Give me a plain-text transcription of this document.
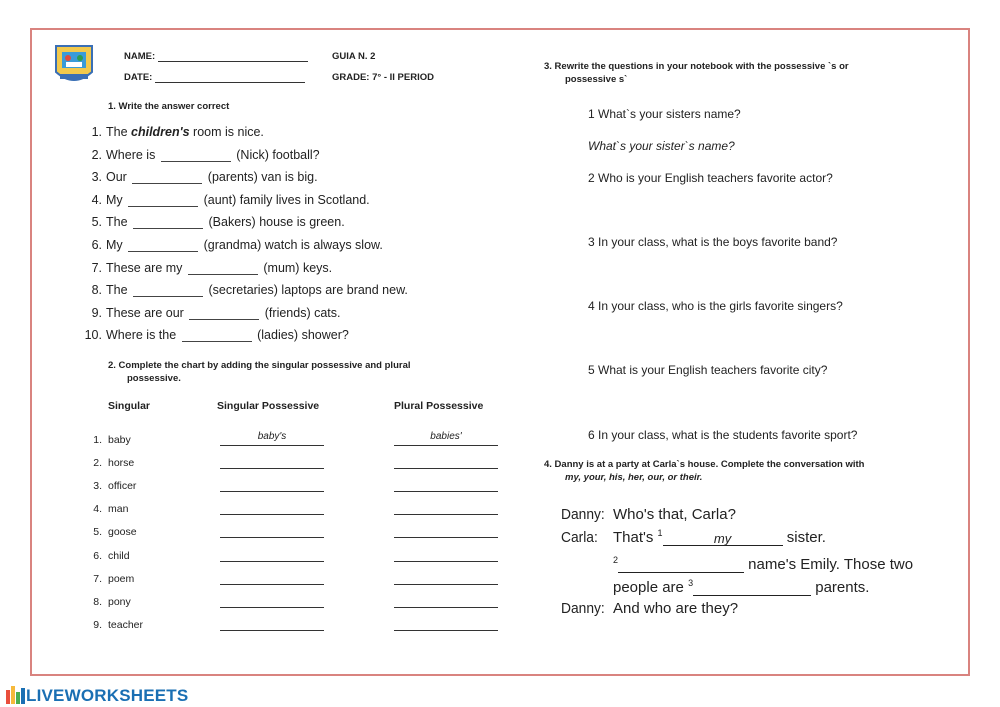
NAME:	GUIA N. 2
DATE:	GRADE: 7° - II PERIOD
1. Write the answer correct
1. The children's room is nice.
2. Where is	(Nick) football?
3. Our	(parents) van is big.
4. My	(aunt) family lives in Scotland.
5. The	(Bakers) house is green.
6. My	(grandma) watch is always slow.
7. These are my	(mum) keys.
8. The	(secretaries) laptops are brand new.
9. These are our	(friends) cats.
10. Where is the	(ladies) shower?
2. Complete the chart by adding the singular possessive and plural
possessive.
Singular	Singular Possessive	Plural Possessive
1. baby	baby's	babies'
2. horse
3. officer
4. man
5. goose
6. child
7. poem
8. pony
9. teacher
3. Rewrite the questions in your notebook with the possessive `s or
possessive s`
1 What`s your sisters name?
What`s your sister`s name?
2 Who is your English teachers favorite actor?
3 In your class, what is the boys favorite band?
4 In your class, who is the girls favorite singers?
5 What is your English teachers favorite city?
6 In your class, what is the students favorite sport?
4. Danny is at a party at Carla`s house. Complete the conversation with
my, your, his, her, our, or their.
Danny: Who's that, Carla?
Carla: That's $^1$	my	sister.
$^2$	name's Emily. Those two
people are $^3$	parents.
Danny: And who are they?
LIVEWORKSHEETS
